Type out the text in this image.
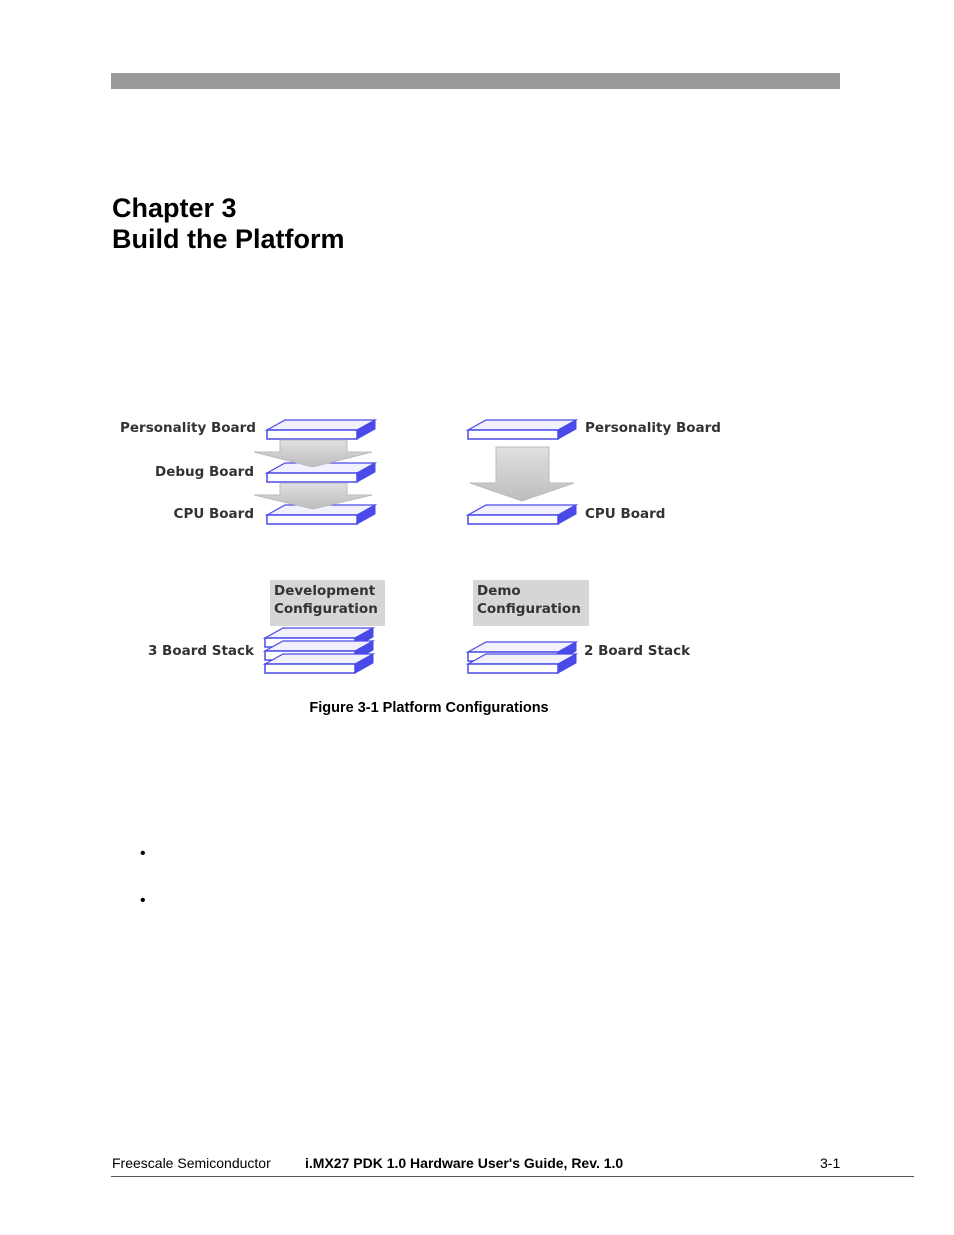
Chapter 3
Build the Platform
Personality Board
Debug Board
CPU Board
Personality Board
CPU Board
Development
Configuration
Demo
Configuration
3 Board Stack	2 Board Stack
Figure 3-1 Platform Configurations
•
•
Freescale Semiconductor i.MX27 PDK 1.0 Hardware User's Guide, Rev. 1.0	3-1
